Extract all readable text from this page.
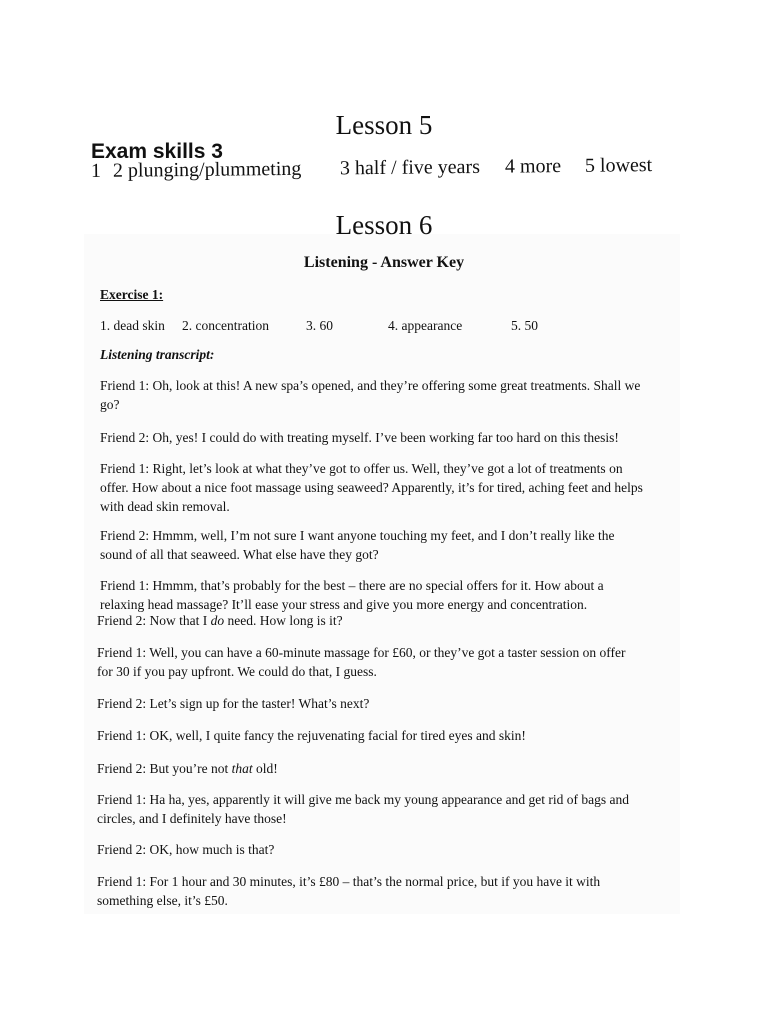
Lesson 5
Exam skills 3
1 2 plunging/plummeting 3 half / five years 4 more 5 lowest
Lesson 6
Listening - Answer Key
Exercise 1:
1. dead skin 2. concentration	3. 60	4. appearance	5. 50
Listening transcript:
Friend 1: Oh, look at this! A new spa’s opened, and they’re offering some great treatments. Shall we
go?
Friend 2: Oh, yes! I could do with treating myself. I’ve been working far too hard on this thesis!
Friend 1: Right, let’s look at what they’ve got to offer us. Well, they’ve got a lot of treatments on
offer. How about a nice foot massage using seaweed? Apparently, it’s for tired, aching feet and helps
with dead skin removal.
Friend 2: Hmmm, well, I’m not sure I want anyone touching my feet, and I don’t really like the
sound of all that seaweed. What else have they got?
Friend 1: Hmmm, that’s probably for the best – there are no special offers for it. How about a
relaxing head massage? It’ll ease your stress and give you more energy and concentration.
Friend 2: Now that I do need. How long is it?
Friend 1: Well, you can have a 60-minute massage for £60, or they’ve got a taster session on offer
for 30 if you pay upfront. We could do that, I guess.
Friend 2: Let’s sign up for the taster! What’s next?
Friend 1: OK, well, I quite fancy the rejuvenating facial for tired eyes and skin!
Friend 2: But you’re not that old!
Friend 1: Ha ha, yes, apparently it will give me back my young appearance and get rid of bags and
circles, and I definitely have those!
Friend 2: OK, how much is that?
Friend 1: For 1 hour and 30 minutes, it’s £80 – that’s the normal price, but if you have it with
something else, it’s £50.
